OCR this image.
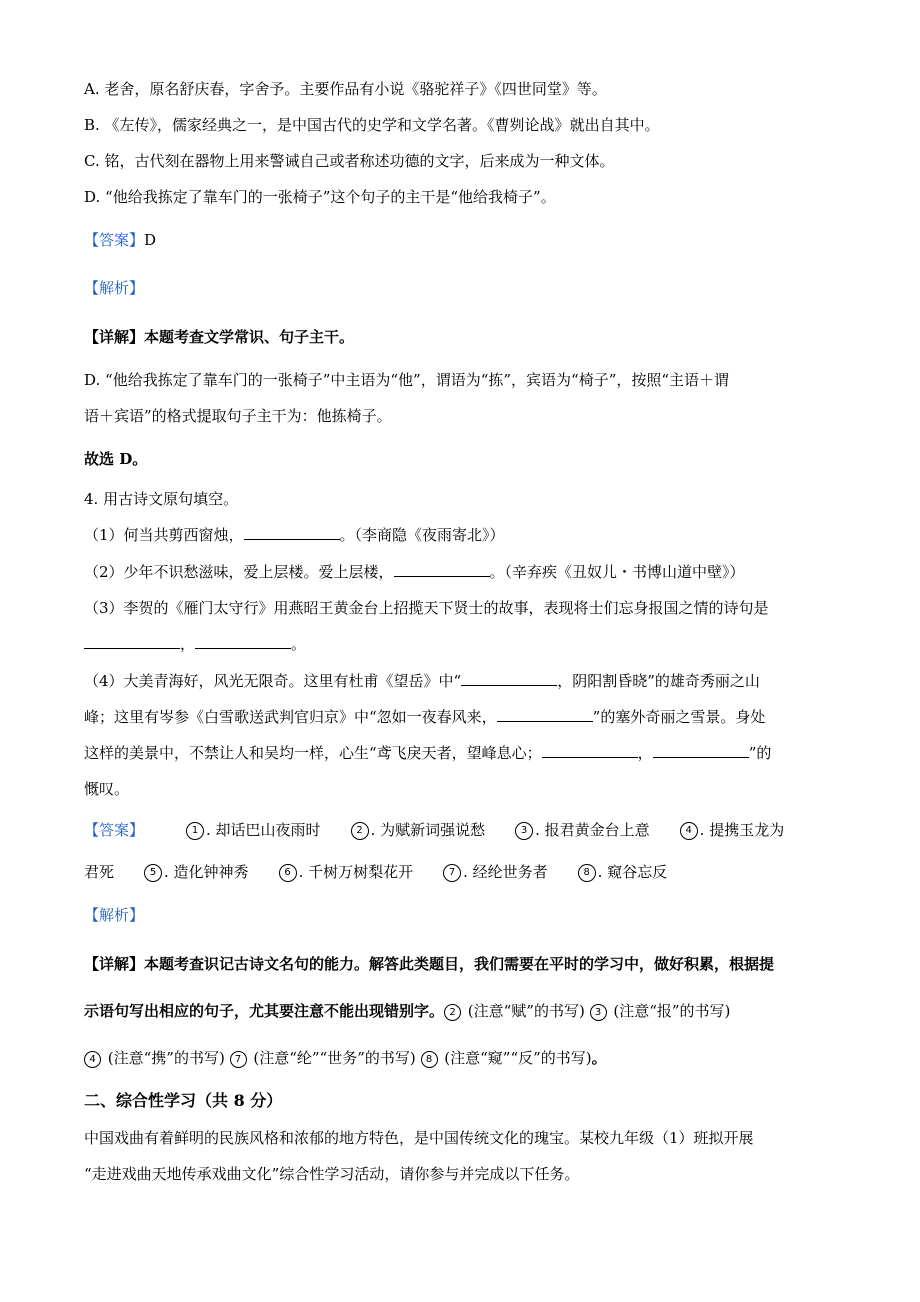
A. 老舍，原名舒庆春，字舍予。主要作品有小说《骆驼祥子》《四世同堂》等。
B. 《左传》，儒家经典之一，是中国古代的史学和文学名著。《曹刿论战》就出自其中。
C. 铭，古代刻在器物上用来警诫自己或者称述功德的文字，后来成为一种文体。
D. “他给我拣定了靠车门的一张椅子”这个句子的主干是“他给我椅子”。
【答案】D
【解析】
【详解】本题考查文学常识、句子主干。
D. “他给我拣定了靠车门的一张椅子”中主语为“他”，谓语为“拣”，宾语为“椅子”，按照“主语＋谓
语＋宾语”的格式提取句子主干为：他拣椅子。
故选 D。
4. 用古诗文原句填空。
（1）何当共剪西窗烛，	。（李商隐《夜雨寄北》）
（2）少年不识愁滋味，爱上层楼。爱上层楼，	。（辛弃疾《丑奴儿・书博山道中壁》）
（3）李贺的《雁门太守行》用燕昭王黄金台上招揽天下贤士的故事，表现将士们忘身报国之情的诗句是
，	。
（4）大美青海好，风光无限奇。这里有杜甫《望岳》中“	，阴阳割昏晓”的雄奇秀丽之山
峰；这里有岑参《白雪歌送武判官归京》中“忽如一夜春风来，	”的塞外奇丽之雪景。身处
这样的美景中，不禁让人和吴均一样，心生“鸢飞戾天者，望峰息心；	，	”的
慨叹。
【答案】	1 . 却话巴山夜雨时	2 . 为赋新词强说愁	3 . 报君黄金台上意	4 . 提携玉龙为
君死	5 . 造化钟神秀	6 . 千树万树梨花开	7 . 经纶世务者	8 . 窥谷忘反
【解析】
【详解】本题考查识记古诗文名句的能力。解答此类题目，我们需要在平时的学习中，做好积累，根据提
示语句写出相应的句子，尤其要注意不能出现错别字。 2 (注意“赋”的书写) 3 (注意“报”的书写)
4 (注意“携”的书写) 7 (注意“纶”“世务”的书写) 8 (注意“窥”“反”的书写)。
二、综合性学习（共 8 分）
中国戏曲有着鲜明的民族风格和浓郁的地方特色，是中国传统文化的瑰宝。某校九年级（1）班拟开展
“走进戏曲天地传承戏曲文化”综合性学习活动，请你参与并完成以下任务。
